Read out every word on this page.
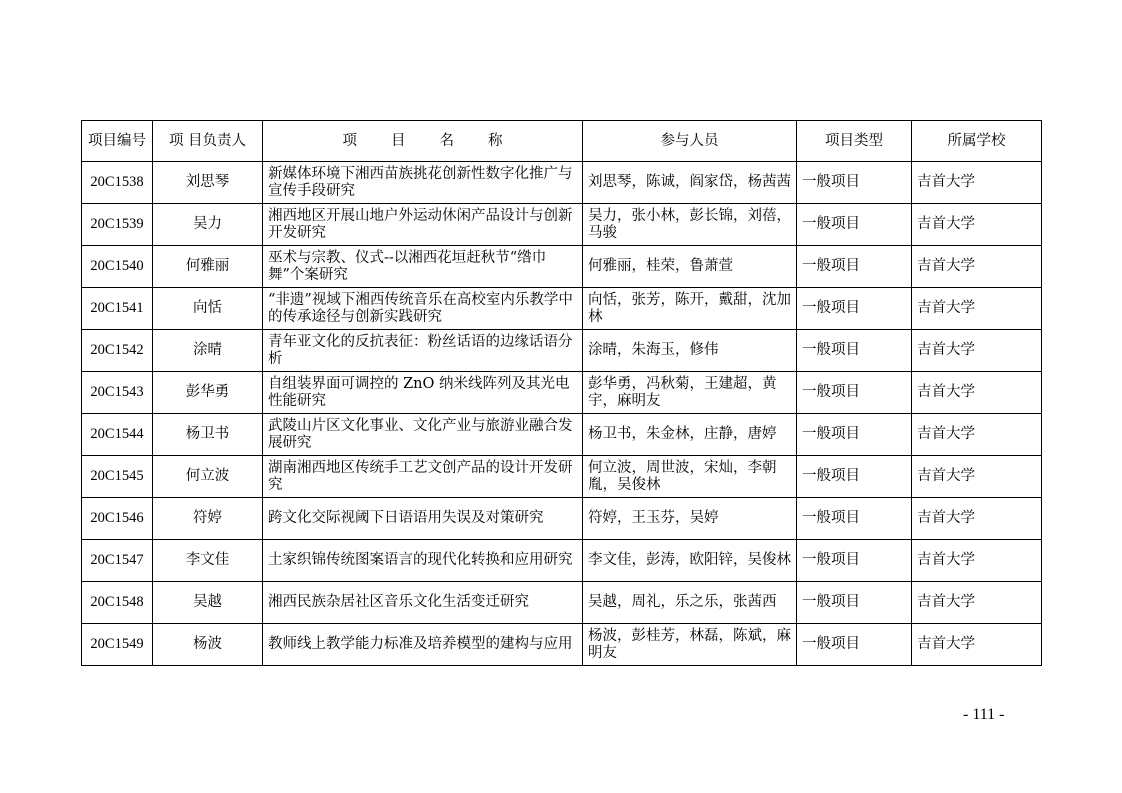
项目编号	项 目负责人	项目名称	参与人员	项目类型	所属学校
20C1538	刘思琴	新媒体环境下湘西苗族挑花创新性数字化推广与宣传手段研究	刘思琴，陈诚，阎家岱，杨茜茜	一般项目	吉首大学
20C1539	吴力	湘西地区开展山地户外运动休闲产品设计与创新开发研究	吴力，张小林，彭长锦，刘蓓，马骏	一般项目	吉首大学
20C1540	何雅丽	巫术与宗教、仪式--以湘西花垣赶秋节“绺巾舞”个案研究	何雅丽，桂荣，鲁萧萱	一般项目	吉首大学
20C1541	向恬	“非遗”视域下湘西传统音乐在高校室内乐教学中的传承途径与创新实践研究	向恬，张芳，陈开，戴甜，沈加林	一般项目	吉首大学
20C1542	涂晴	青年亚文化的反抗表征：粉丝话语的边缘话语分析	涂晴，朱海玉，修伟	一般项目	吉首大学
20C1543	彭华勇	自组装界面可调控的 ZnO 纳米线阵列及其光电性能研究	彭华勇，冯秋菊，王建超，黄宇，麻明友	一般项目	吉首大学
20C1544	杨卫书	武陵山片区文化事业、文化产业与旅游业融合发展研究	杨卫书，朱金林，庄静，唐婷	一般项目	吉首大学
20C1545	何立波	湖南湘西地区传统手工艺文创产品的设计开发研究	何立波，周世波，宋灿，李朝胤，吴俊林	一般项目	吉首大学
20C1546	符婷	跨文化交际视阈下日语语用失误及对策研究	符婷，王玉芬，吴婷	一般项目	吉首大学
20C1547	李文佳	土家织锦传统图案语言的现代化转换和应用研究	李文佳，彭涛，欧阳锌，吴俊林	一般项目	吉首大学
20C1548	吴越	湘西民族杂居社区音乐文化生活变迁研究	吴越，周礼，乐之乐，张茜西	一般项目	吉首大学
20C1549	杨波	教师线上教学能力标准及培养模型的建构与应用	杨波，彭桂芳，林磊，陈斌，麻明友	一般项目	吉首大学
- 111 -
